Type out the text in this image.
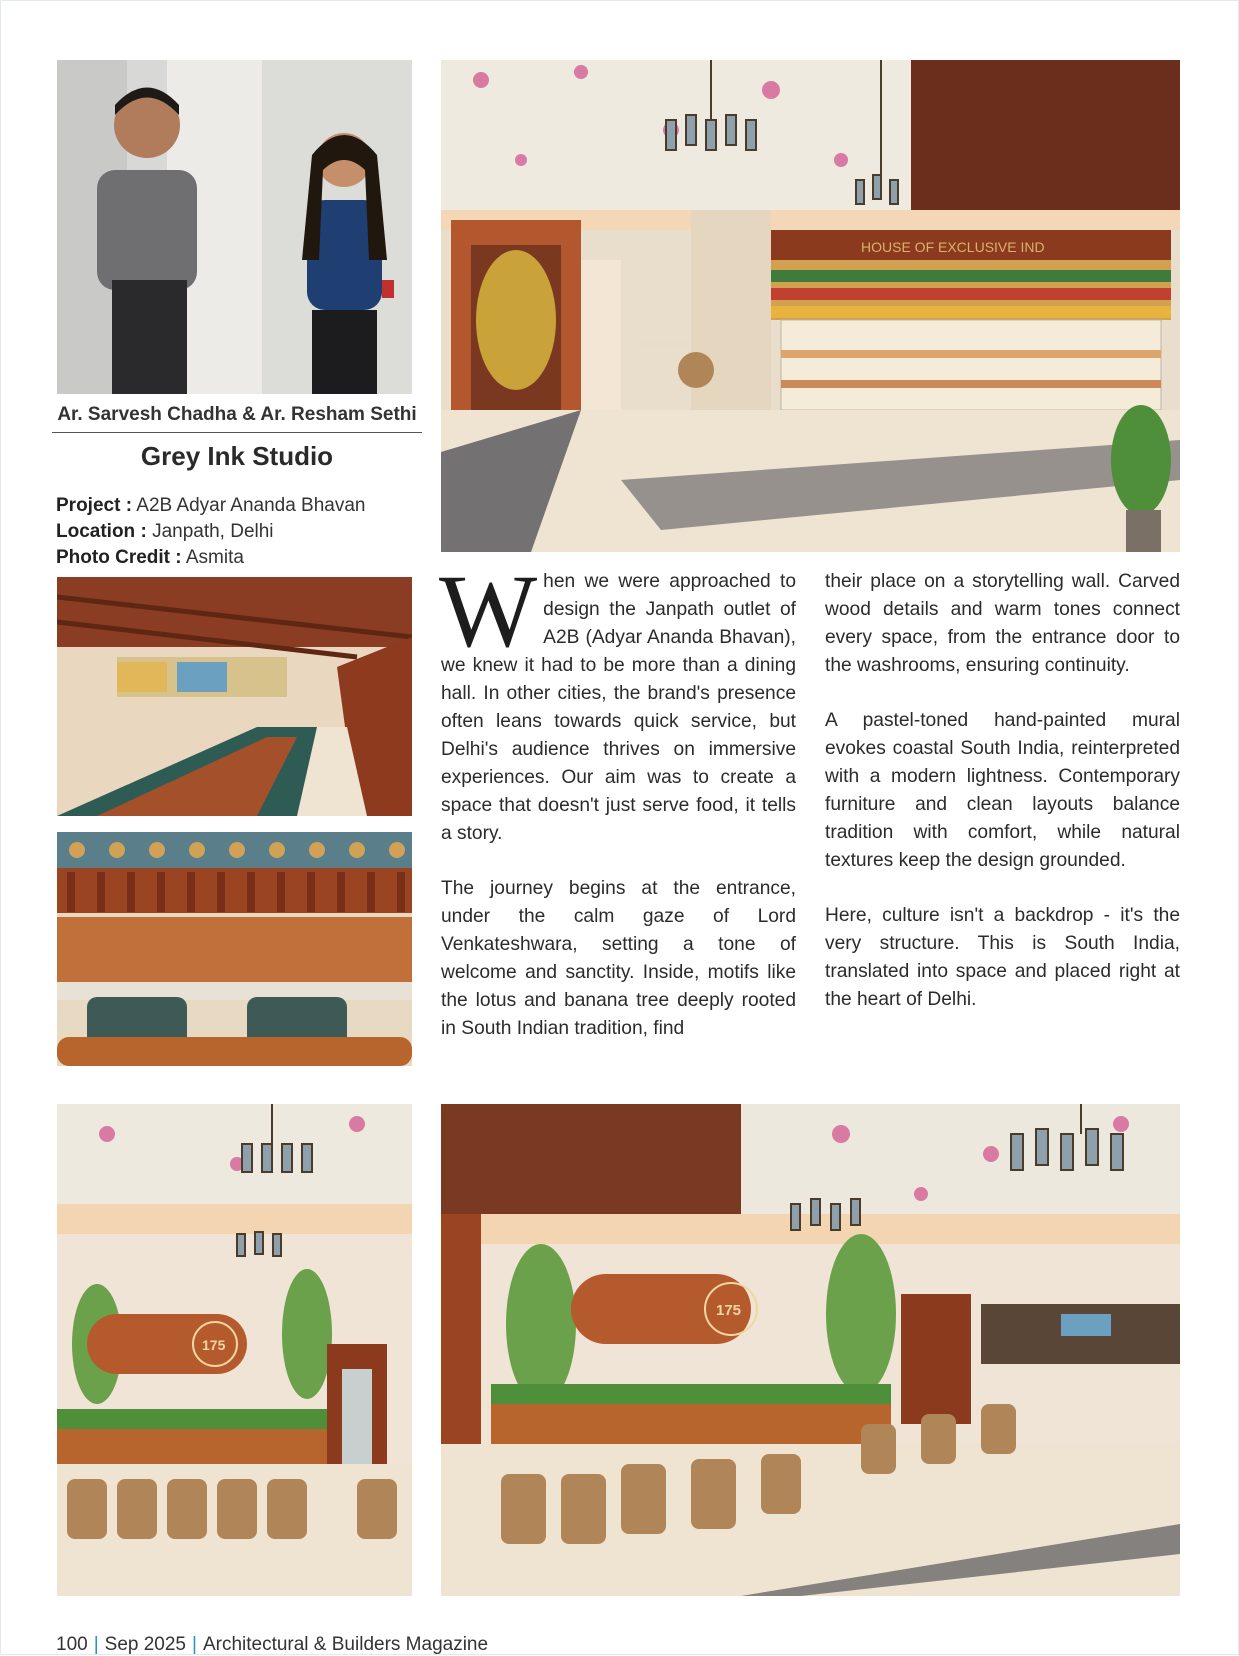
Ar. Sarvesh Chadha & Ar. Resham Sethi
Grey Ink Studio
Project : A2B Adyar Ananda Bhavan
Location : Janpath, Delhi
Photo Credit : Asmita
HOUSE OF EXCLUSIVE IND

When we were approached to design the Janpath outlet of A2B (Adyar Ananda Bhavan), we knew it had to be more than a dining hall. In other cities, the brand's presence often leans towards quick service, but Delhi's audience thrives on immersive experiences. Our aim was to create a space that doesn't just serve food, it tells a story.

The journey begins at the entrance, under the calm gaze of Lord Venkateshwara, setting a tone of welcome and sanctity. Inside, motifs like the lotus and banana tree deeply rooted in South Indian tradition, find

their place on a storytelling wall. Carved wood details and warm tones connect every space, from the entrance door to the washrooms, ensuring continuity.

A pastel-toned hand-painted mural evokes coastal South India, reinterpreted with a modern lightness. Contemporary furniture and clean layouts balance tradition with comfort, while natural textures keep the design grounded.

Here, culture isn't a backdrop - it's the very structure. This is South India, translated into space and placed right at the heart of Delhi.

175
175
100 | Sep 2025 | Architectural & Builders Magazine
